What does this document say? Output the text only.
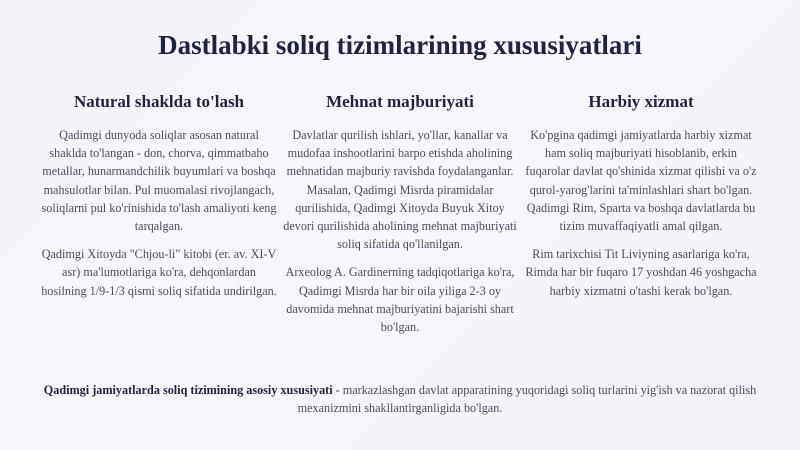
Dastlabki soliq tizimlarining xususiyatlari
Natural shaklda to'lash

Qadimgi dunyoda soliqlar asosan natural shaklda to'langan - don, chorva, qimmatbaho metallar, hunarmandchilik buyumlari va boshqa mahsulotlar bilan. Pul muomalasi rivojlangach, soliqlarni pul ko'rinishida to'lash amaliyoti keng tarqalgan.

Qadimgi Xitoyda "Chjou-li" kitobi (er. av. XI-V asr) ma'lumotlariga ko'ra, dehqonlardan hosilning 1/9-1/3 qismi soliq sifatida undirilgan.

Mehnat majburiyati

Davlatlar qurilish ishlari, yo'llar, kanallar va mudofaa inshootlarini barpo etishda aholining mehnatidan majburiy ravishda foydalanganlar. Masalan, Qadimgi Misrda piramidalar qurilishida, Qadimgi Xitoyda Buyuk Xitoy devori qurilishida aholining mehnat majburiyati soliq sifatida qo'llanilgan.

Arxeolog A. Gardinerning tadqiqotlariga ko'ra, Qadimgi Misrda har bir oila yiliga 2-3 oy davomida mehnat majburiyatini bajarishi shart bo'lgan.

Harbiy xizmat

Ko'pgina qadimgi jamiyatlarda harbiy xizmat ham soliq majburiyati hisoblanib, erkin fuqarolar davlat qo'shinida xizmat qilishi va o'z qurol-yarog'larini ta'minlashlari shart bo'lgan. Qadimgi Rim, Sparta va boshqa davlatlarda bu tizim muvaffaqiyatli amal qilgan.

Rim tarixchisi Tit Liviyning asarlariga ko'ra, Rimda har bir fuqaro 17 yoshdan 46 yoshgacha harbiy xizmatni o'tashi kerak bo'lgan.

Qadimgi jamiyatlarda soliq tizimining asosiy xususiyati - markazlashgan davlat apparatining yuqoridagi soliq turlarini yig'ish va nazorat qilish mexanizmini shakllantirganligida bo'lgan.
